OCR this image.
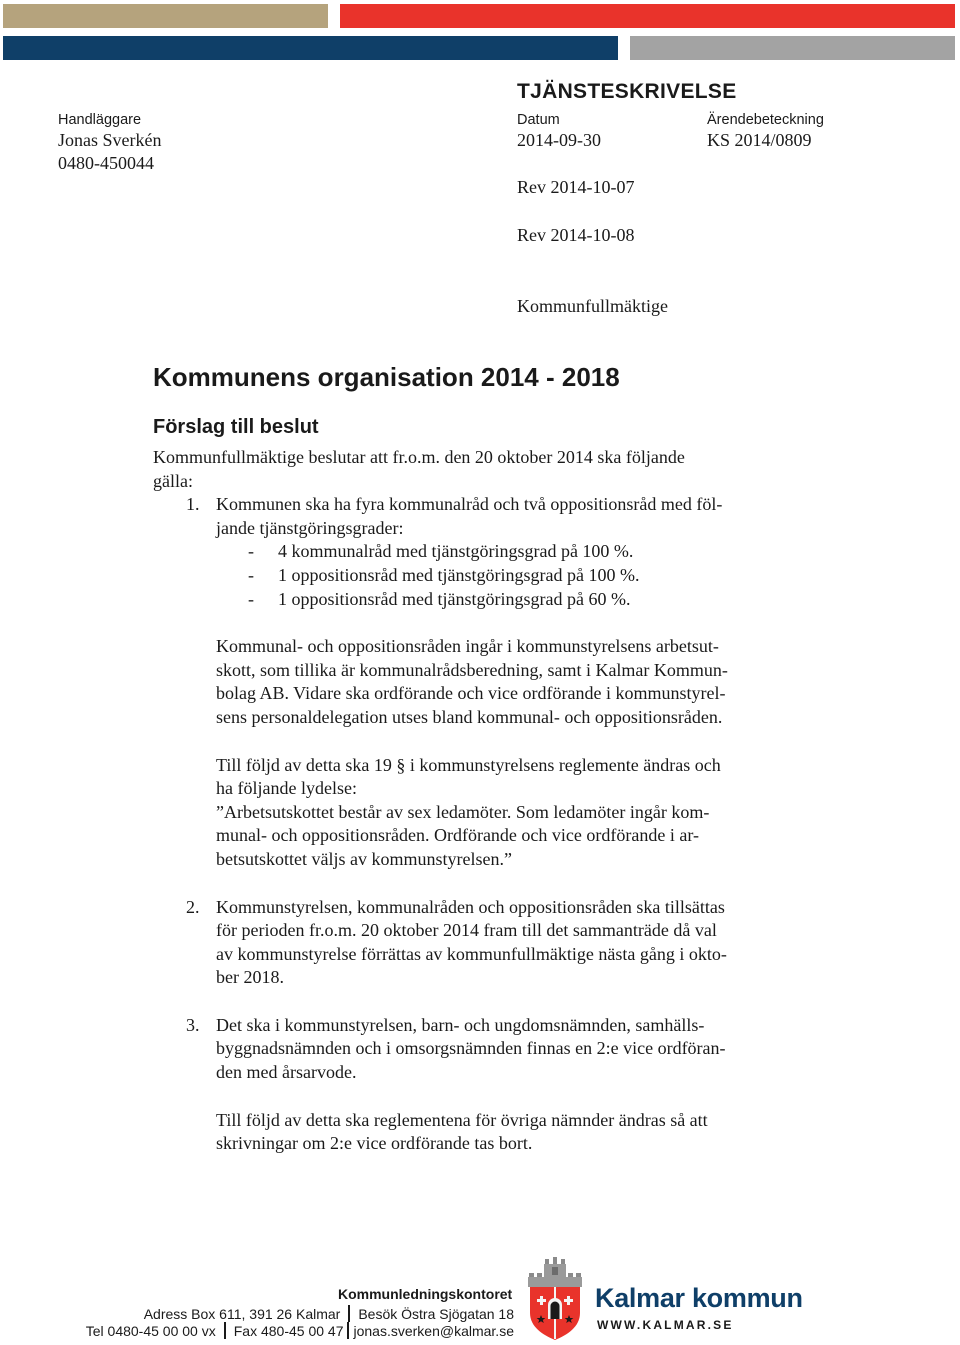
TJÄNSTESKRIVELSE
Handläggare
Jonas Sverkén
0480-450044
Datum
2014-09-30
Ärendebeteckning
KS 2014/0809
Rev 2014-10-07
Rev 2014-10-08
Kommunfullmäktige
Kommunens organisation 2014 - 2018
Förslag till beslut

Kommunfullmäktige beslutar att fr.o.m. den 20 oktober 2014 ska följande

gälla:

1. Kommunen ska ha fyra kommunalråd och två oppositionsråd med föl-

jande tjänstgöringsgrader:

- 4 kommunalråd med tjänstgöringsgrad på 100 %.

- 1 oppositionsråd med tjänstgöringsgrad på 100 %.

- 1 oppositionsråd med tjänstgöringsgrad på 60 %.

Kommunal- och oppositionsråden ingår i kommunstyrelsens arbetsut-

skott, som tillika är kommunalrådsberedning, samt i Kalmar Kommun-

bolag AB. Vidare ska ordförande och vice ordförande i kommunstyrel-

sens personaldelegation utses bland kommunal- och oppositionsråden.

Till följd av detta ska 19 § i kommunstyrelsens reglemente ändras och

ha följande lydelse:

”Arbetsutskottet består av sex ledamöter. Som ledamöter ingår kom-

munal- och oppositionsråden. Ordförande och vice ordförande i ar-

betsutskottet väljs av kommunstyrelsen.”

2. Kommunstyrelsen, kommunalråden och oppositionsråden ska tillsättas

för perioden fr.o.m. 20 oktober 2014 fram till det sammanträde då val

av kommunstyrelse förrättas av kommunfullmäktige nästa gång i okto-

ber 2018.

3. Det ska i kommunstyrelsen, barn- och ungdomsnämnden, samhälls-

byggnadsnämnden och i omsorgsnämnden finnas en 2:e vice ordföran-

den med årsarvode.

Till följd av detta ska reglementena för övriga nämnder ändras så att

skrivningar om 2:e vice ordförande tas bort.

Kommunledningskontoret
Adress Box 611, 391 26 Kalmar Besök Östra Sjögatan 18
Tel 0480-45 00 00 vx Fax 480-45 00 47 jonas.sverken@kalmar.se
Kalmar kommun
WWW.KALMAR.SE
